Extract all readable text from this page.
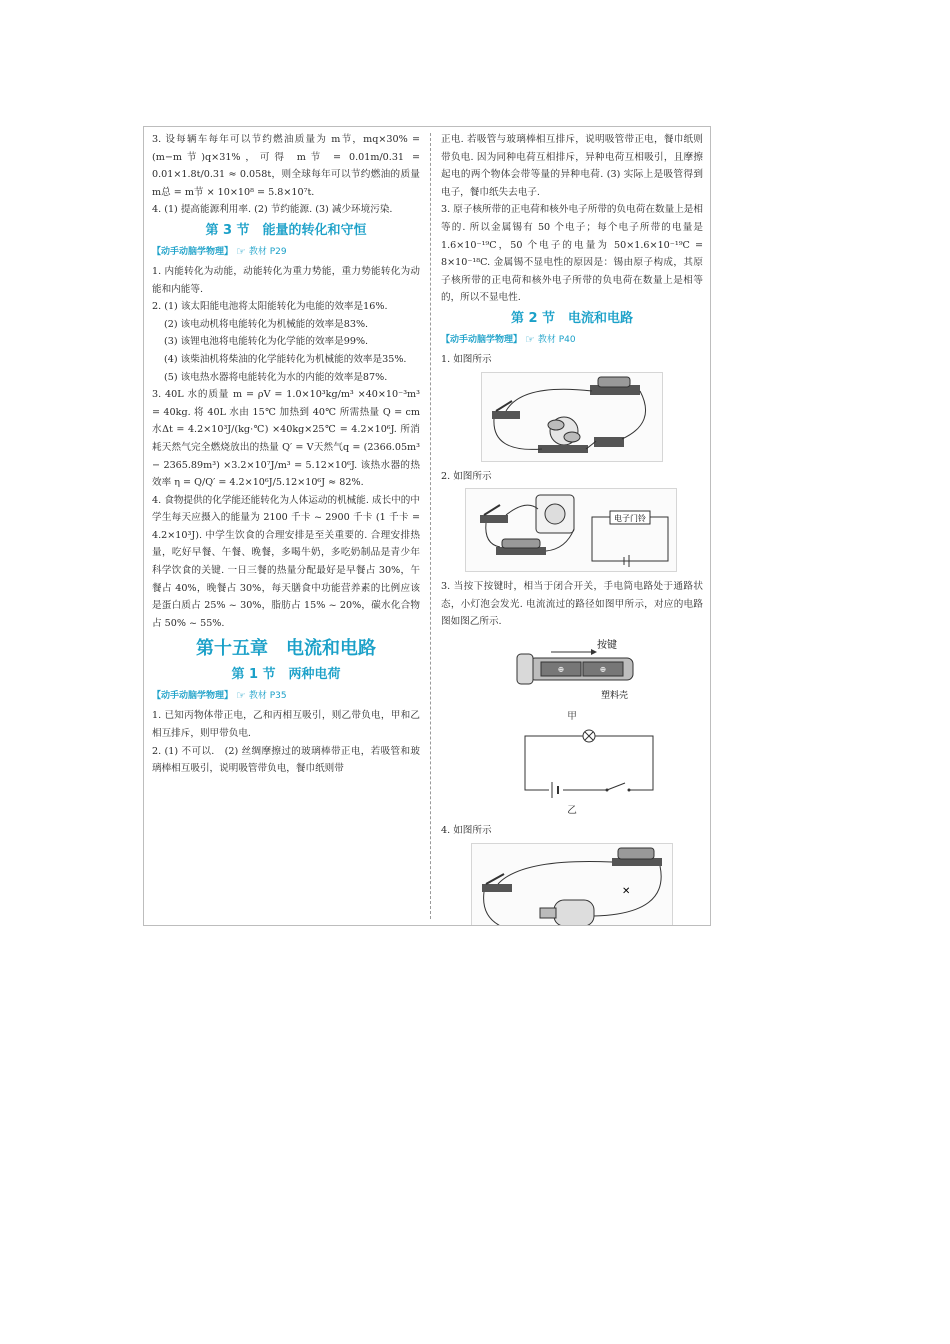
3. 设每辆车每年可以节约燃油质量为 m节，mq×30% = (m−m节)q×31%，可得 m节 = 0.01m/0.31 = 0.01×1.8t/0.31 ≈ 0.058t，则全球每年可以节约燃油的质量 m总 = m节 × 10×10⁸ = 5.8×10⁷t.

4. (1) 提高能源利用率. (2) 节约能源. (3) 减少环境污染.

第 3 节　能量的转化和守恒
【动手动脑学物理】 ☞ 教材 P29

1. 内能转化为动能，动能转化为重力势能，重力势能转化为动能和内能等.

2. (1) 该太阳能电池将太阳能转化为电能的效率是16%.

(2) 该电动机将电能转化为机械能的效率是83%.

(3) 该锂电池将电能转化为化学能的效率是99%.

(4) 该柴油机将柴油的化学能转化为机械能的效率是35%.

(5) 该电热水器将电能转化为水的内能的效率是87%.

3. 40L 水的质量 m = ρV = 1.0×10³kg/m³ ×40×10⁻³m³ = 40kg. 将 40L 水由 15℃ 加热到 40℃ 所需热量 Q = cm水Δt = 4.2×10³J/(kg·℃) ×40kg×25℃ = 4.2×10⁶J. 所消耗天然气完全燃烧放出的热量 Q′ = V天然气q = (2366.05m³ − 2365.89m³) ×3.2×10⁷J/m³ = 5.12×10⁶J. 该热水器的热效率 η = Q/Q′ = 4.2×10⁶J/5.12×10⁶J ≈ 82%.

4. 食物提供的化学能还能转化为人体运动的机械能. 成长中的中学生每天应摄入的能量为 2100 千卡 ~ 2900 千卡 (1 千卡 = 4.2×10³J). 中学生饮食的合理安排是至关重要的. 合理安排热量，吃好早餐、午餐、晚餐，多喝牛奶，多吃奶制品是青少年科学饮食的关键. 一日三餐的热量分配最好是早餐占 30%，午餐占 40%，晚餐占 30%，每天膳食中功能营养素的比例应该是蛋白质占 25% ~ 30%，脂肪占 15% ~ 20%，碳水化合物占 50% ~ 55%.

第十五章　电流和电路
第 1 节　两种电荷
【动手动脑学物理】 ☞ 教材 P35

1. 已知丙物体带正电，乙和丙相互吸引，则乙带负电，甲和乙相互排斥，则甲带负电.

2. (1) 不可以.　(2) 丝绸摩擦过的玻璃棒带正电，若吸管和玻璃棒相互吸引，说明吸管带负电，餐巾纸则带

正电. 若吸管与玻璃棒相互排斥，说明吸管带正电，餐巾纸则带负电. 因为同种电荷互相排斥，异种电荷互相吸引，且摩擦起电的两个物体会带等量的异种电荷. (3) 实际上是吸管得到电子，餐巾纸失去电子.

3. 原子核所带的正电荷和核外电子所带的负电荷在数量上是相等的. 所以金属锡有 50 个电子；每个电子所带的电量是 1.6×10⁻¹⁹C，50 个电子的电量为 50×1.6×10⁻¹⁹C = 8×10⁻¹⁸C. 金属锡不显电性的原因是：锡由原子构成，其原子核所带的正电荷和核外电子所带的负电荷在数量上是相等的，所以不显电性.

第 2 节　电流和电路
【动手动脑学物理】 ☞ 教材 P40

1. 如图所示

2. 如图所示

电子门铃

3. 当按下按键时，相当于闭合开关，手电筒电路处于通路状态，小灯泡会发光. 电流流过的路径如图甲所示，对应的电路图如图乙所示.

⊕	⊕
按键
塑料壳
甲
乙

4. 如图所示

✕
